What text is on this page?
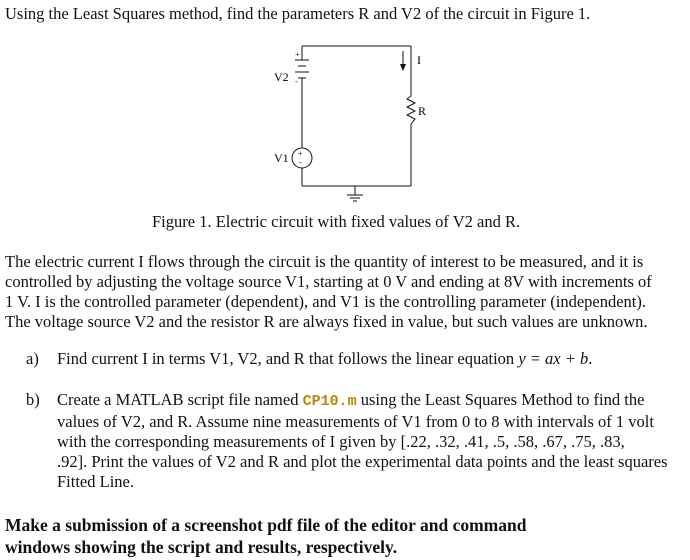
Using the Least Squares method, find the parameters R and V2 of the circuit in Figure 1.
V2
+
-
V1 +
-
R
I
Figure 1. Electric circuit with fixed values of V2 and R.
The electric current I flows through the circuit is the quantity of interest to be measured, and it is
controlled by adjusting the voltage source V1, starting at 0 V and ending at 8V with increments of
1 V. I is the controlled parameter (dependent), and V1 is the controlling parameter (independent).
The voltage source V2 and the resistor R are always fixed in value, but such values are unknown.
a) Find current I in terms V1, V2, and R that follows the linear equation y = ax + b.
b) Create a MATLAB script file named CP10.m using the Least Squares Method to find the
values of V2, and R. Assume nine measurements of V1 from 0 to 8 with intervals of 1 volt
with the corresponding measurements of I given by [.22, .32, .41, .5, .58, .67, .75, .83,
.92]. Print the values of V2 and R and plot the experimental data points and the least squares
Fitted Line.
Make a submission of a screenshot pdf file of the editor and command
windows showing the script and results, respectively.
